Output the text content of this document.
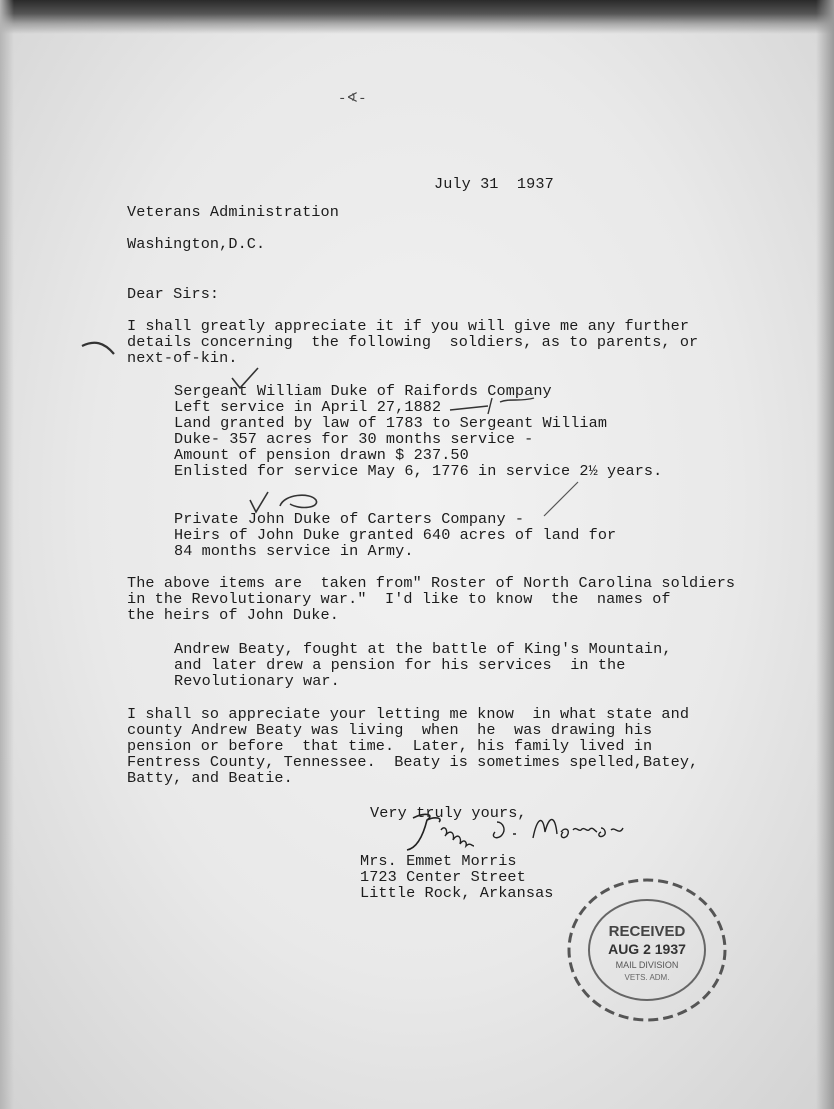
-∢-
July 31  1937
Veterans Administration
Washington,D.C.
Dear Sirs:
I shall greatly appreciate it if you will give me any further
details concerning  the following  soldiers, as to parents, or
next-of-kin.
Sergeant William Duke of Raifords Company
Left service in April 27,1882
Land granted by law of 1783 to Sergeant William
Duke- 357 acres for 30 months service -
Amount of pension drawn $ 237.50
Enlisted for service May 6, 1776 in service 2½ years.
Private John Duke of Carters Company -
Heirs of John Duke granted 640 acres of land for
84 months service in Army.
The above items are  taken from" Roster of North Carolina soldiers
in the Revolutionary war."  I'd like to know  the  names of
the heirs of John Duke.
Andrew Beaty, fought at the battle of King's Mountain,
and later drew a pension for his services  in the
Revolutionary war.
I shall so appreciate your letting me know  in what state and
county Andrew Beaty was living  when  he  was drawing his
pension or before  that time.  Later, his family lived in
Fentress County, Tennessee.  Beaty is sometimes spelled,Batey,
Batty, and Beatie.
Very truly yours,
Mrs. Emmet Morris
1723 Center Street
Little Rock, Arkansas
RECEIVED
AUG 2 1937
MAIL DIVISION
VETS. ADM.
